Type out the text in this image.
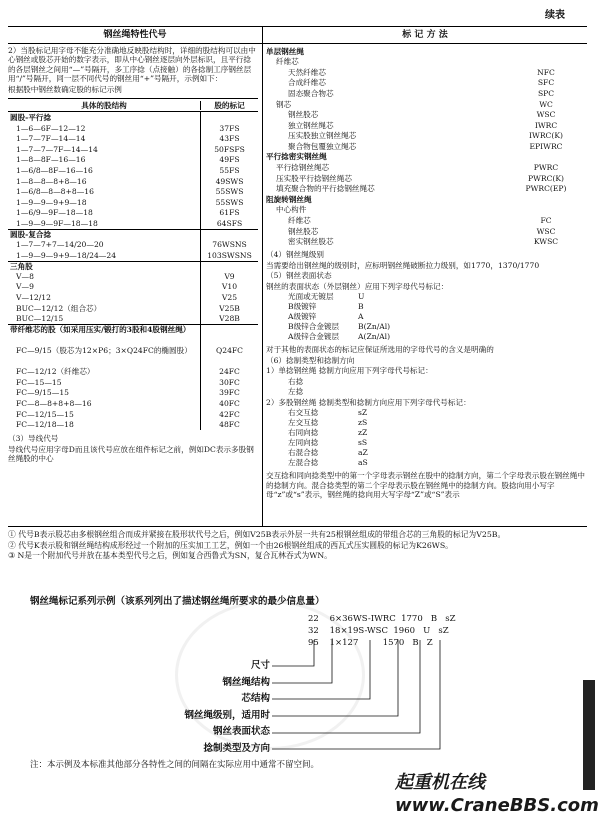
续表
钢丝绳特性代号	标 记 方 法

2）当股标记用字母不能充分准确地反映股结构时，详细的股结构可以由中心钢丝或股芯开始的数字表示，即从中心钢丝逐层向外层标识，且平行捻的各层钢丝之间用“—”号隔开，多工序捻（点接触）的各捻制工序钢丝层用“/”号隔开，同一层不同代号的钢丝用“+”号隔开，示例如下：

根据股中钢丝数确定股的标记示例

具体的股结构	股的标记
圆股-平行捻
1—6—6F—12—12	37FS
1—7—7F—14—14	43FS
1—7—7—7F—14—14	50FSFS
1—8—8F—16—16	49FS
1—6/8—8F—16—16	55FS
1—8—8—8+8—16	49SWS
1—6/8—8—8+8—16	55SWS
1—9—9—9+9—18	55SWS
1—6/9—9F—18—18	61FS
1—9—9—9F—18—18	64SFS
圆股-复合捻
1—7—7+7—14/20—20	76WSNS
1—9—9—9+9—18/24—24	103SWSNS
三角股
V—8	V9
V—9	V10
V—12/12	V25
BUC—12/12（组合芯）	V25B
BUC—12/15	V28B
带纤维芯的股（如采用压实/锻打的3股和4股钢丝绳）
FC—9/15（股芯为12×P6；3×Q24FC的椭圆股）	Q24FC
FC—12/12（纤维芯）	24FC
FC—15—15	30FC
FC—9/15—15	39FC
FC—8—8+8+8—16	40FC
FC—12/15—15	42FC
FC—12/18—18	48FC

（3）导线代号

导线代号应用字母D而且该代号应放在组件标记之前，例如DC表示多股钢丝绳股的中心

单层钢丝绳
纤维芯
天然纤维芯	NFC
合成纤维芯	SFC
固态聚合物芯	SPC
钢芯	WC
钢丝股芯	WSC
独立钢丝绳芯	IWRC
压实股独立钢丝绳芯	IWRC(K)
聚合物包覆独立绳芯	EPIWRC
平行捻密实钢丝绳
平行捻钢丝绳芯	PWRC
压实股平行捻钢丝绳芯	PWRC(K)
填充聚合物的平行捻钢丝绳芯	PWRC(EP)
阻旋转钢丝绳
中心构件
纤维芯	FC
钢丝股芯	WSC
密实钢丝股芯	KWSC

（4）钢丝绳级别

当需要给出钢丝绳的级别时，应标明钢丝绳破断拉力级别，如1770，1370/1770

（5）钢丝表面状态

钢丝的表面状态（外层钢丝）应用下列字母代号标记：

光面或无镀层	U
B级镀锌	B
A级镀锌	A
B级锌合金镀层	B(Zn/Al)
A级锌合金镀层	A(Zn/Al)

对于其他的表面状态的标记应保证所选用的字母代号的含义是明确的

（6）捻制类型和捻制方向

1）单捻钢丝绳 捻制方向应用下列字母代号标记：

右捻

左捻

2）多股钢丝绳 捻制类型和捻制方向应用下列字母代号标记：

右交互捻	sZ
左交互捻	zS
右同向捻	zZ
左同向捻	sS
右混合捻	aZ
左混合捻	aS

交互捻和同向捻类型中的第一个字母表示钢丝在股中的捻制方向，第二个字母表示股在钢丝绳中的捻制方向。混合捻类型的第二个字母表示股在钢丝绳中的捻制方向。股捻向用小写字母“z”或“s”表示，钢丝绳的捻向用大写字母“Z”或“S”表示

① 代号B表示股芯由多根钢丝组合而成并紧接在股形状代号之后，例如V25B表示外层一共有25根钢丝组成的带组合芯的三角股的标记为V25B。

② 代号K表示股和钢丝绳结构成形经过一个附加的压实加工工艺，例如一个由26根钢丝组成的西瓦式压实圆股的标记为K26WS。

③ N是一个附加代号并放在基本类型代号之后，例如复合西鲁式为SN，复合瓦林吞式为WN。

钢丝绳标记系列示例（该系列列出了描述钢丝绳所要求的最少信息量）
22    6×36WS-IWRC  1770   B   sZ
32    18×19S-WSC  1960   U   sZ
95    1×127         1570   B   Z
尺寸
钢丝绳结构
芯结构
钢丝绳级别，适用时
钢丝表面状态
捻制类型及方向
注：本示例及本标准其他部分各特性之间的间隔在实际应用中通常不留空间。
起重机在线 www.CraneBBS.com
